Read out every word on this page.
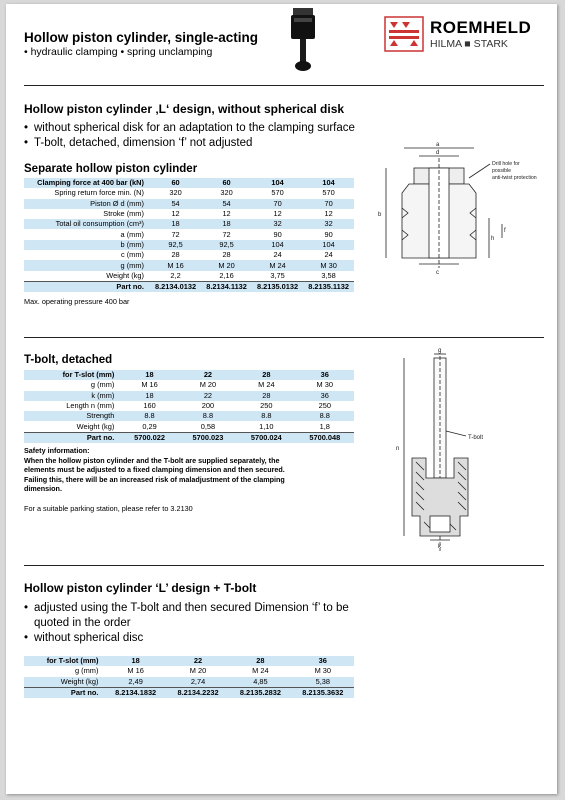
Hollow piston cylinder, single-acting
• hydraulic clamping • spring unclamping
ROEMHELD
HILMA ■ STARK
Hollow piston cylinder ‚L‘ design, without spherical disk
• without spherical disk for an adaptation to the clamping surface
• T-bolt, detached, dimension ‘f’ not adjusted
Separate hollow piston cylinder
Clamping force at 400 bar (kN)	60	60	104	104
Spring return force min. (N)	320	320	570	570
Piston Ø d (mm)	54	54	70	70
Stroke (mm)	12	12	12	12
Total oil consumption (cm³)	18	18	32	32
a (mm)	72	72	90	90
b (mm)	92,5	92,5	104	104
c (mm)	28	28	24	24
g (mm)	M 16	M 20	M 24	M 30
Weight (kg)	2,2	2,16	3,75	3,58
Part no.	8.2134.0132	8.2134.1132	8.2135.0132	8.2135.1132
Max. operating pressure 400 bar
a
d
b
h
f
Drill hole for
possible
anti-twist protection
c
T-bolt, detached
for T-slot (mm)	18	22	28	36
g (mm)	M 16	M 20	M 24	M 30
k (mm)	18	22	28	36
Length n (mm)	160	200	250	250
Strength	8.8	8.8	8.8	8.8
Weight (kg)	0,29	0,58	1,10	1,8
Part no.	5700.022	5700.023	5700.024	5700.048
Safety information:
When the hollow piston cylinder and the T-bolt are supplied separately, the
elements must be adjusted to a fixed clamping dimension and then secured.
Failing this, there will be an increased risk of maladjustment of the clamping
dimension.
For a suitable parking station, please refer to 3.2130
g
T-bolt
n
k
Hollow piston cylinder ‘L’ design + T-bolt
• adjusted using the T-bolt and then secured Dimension ‘f’ to be quoted in the order
• without spherical disc
for T-slot (mm)	18	22	28	36
g (mm)	M 16	M 20	M 24	M 30
Weight (kg)	2,49	2,74	4,85	5,38
Part no.	8.2134.1832	8.2134.2232	8.2135.2832	8.2135.3632
